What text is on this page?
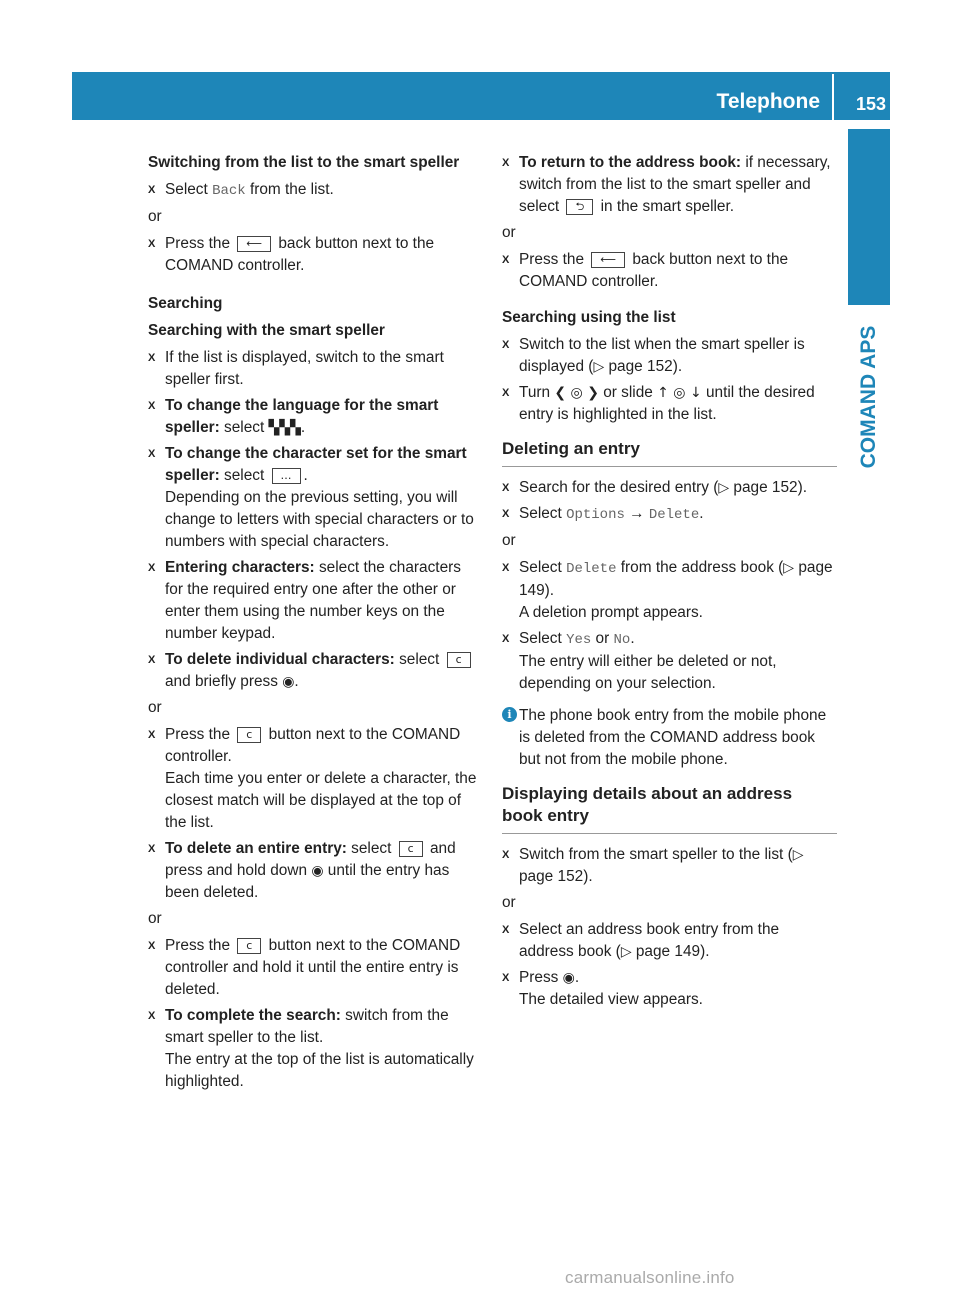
Telephone 153
COMAND APS
Switching from the list to the smart speller
X Select Back from the list.
or
X Press the ⟵ back button next to the COMAND controller.
Searching
Searching with the smart speller
X If the list is displayed, switch to the smart speller first.
X To change the language for the smart speller: select ▚▚▚.
X To change the character set for the smart speller: select … .
Depending on the previous setting, you will change to letters with special characters or to numbers with special characters.
X Entering characters: select the characters for the required entry one after the other or enter them using the number keys on the number keypad.
X To delete individual characters: select c and briefly press ◉.
or
X Press the c button next to the COMAND controller.
Each time you enter or delete a character, the closest match will be displayed at the top of the list.
X To delete an entire entry: select c and press and hold down ◉ until the entry has been deleted.
or
X Press the c button next to the COMAND controller and hold it until the entire entry is deleted.
X To complete the search: switch from the smart speller to the list.
The entry at the top of the list is automatically highlighted.
X To return to the address book: if necessary, switch from the list to the smart speller and select ⮌ in the smart speller.
or
X Press the ⟵ back button next to the COMAND controller.
Searching using the list
X Switch to the list when the smart speller is displayed (▷ page 152).
X Turn ❮ ◎ ❯ or slide ↑ ◎ ↓ until the desired entry is highlighted in the list.
Deleting an entry
X Search for the desired entry (▷ page 152).
X Select Options → Delete.
or
X Select Delete from the address book (▷ page 149).
A deletion prompt appears.
X Select Yes or No.
The entry will either be deleted or not, depending on your selection.
i The phone book entry from the mobile phone is deleted from the COMAND address book but not from the mobile phone.
Displaying details about an address book entry
X Switch from the smart speller to the list (▷ page 152).
or
X Select an address book entry from the address book (▷ page 149).
X Press ◉.
The detailed view appears.
carmanualsonline.info
